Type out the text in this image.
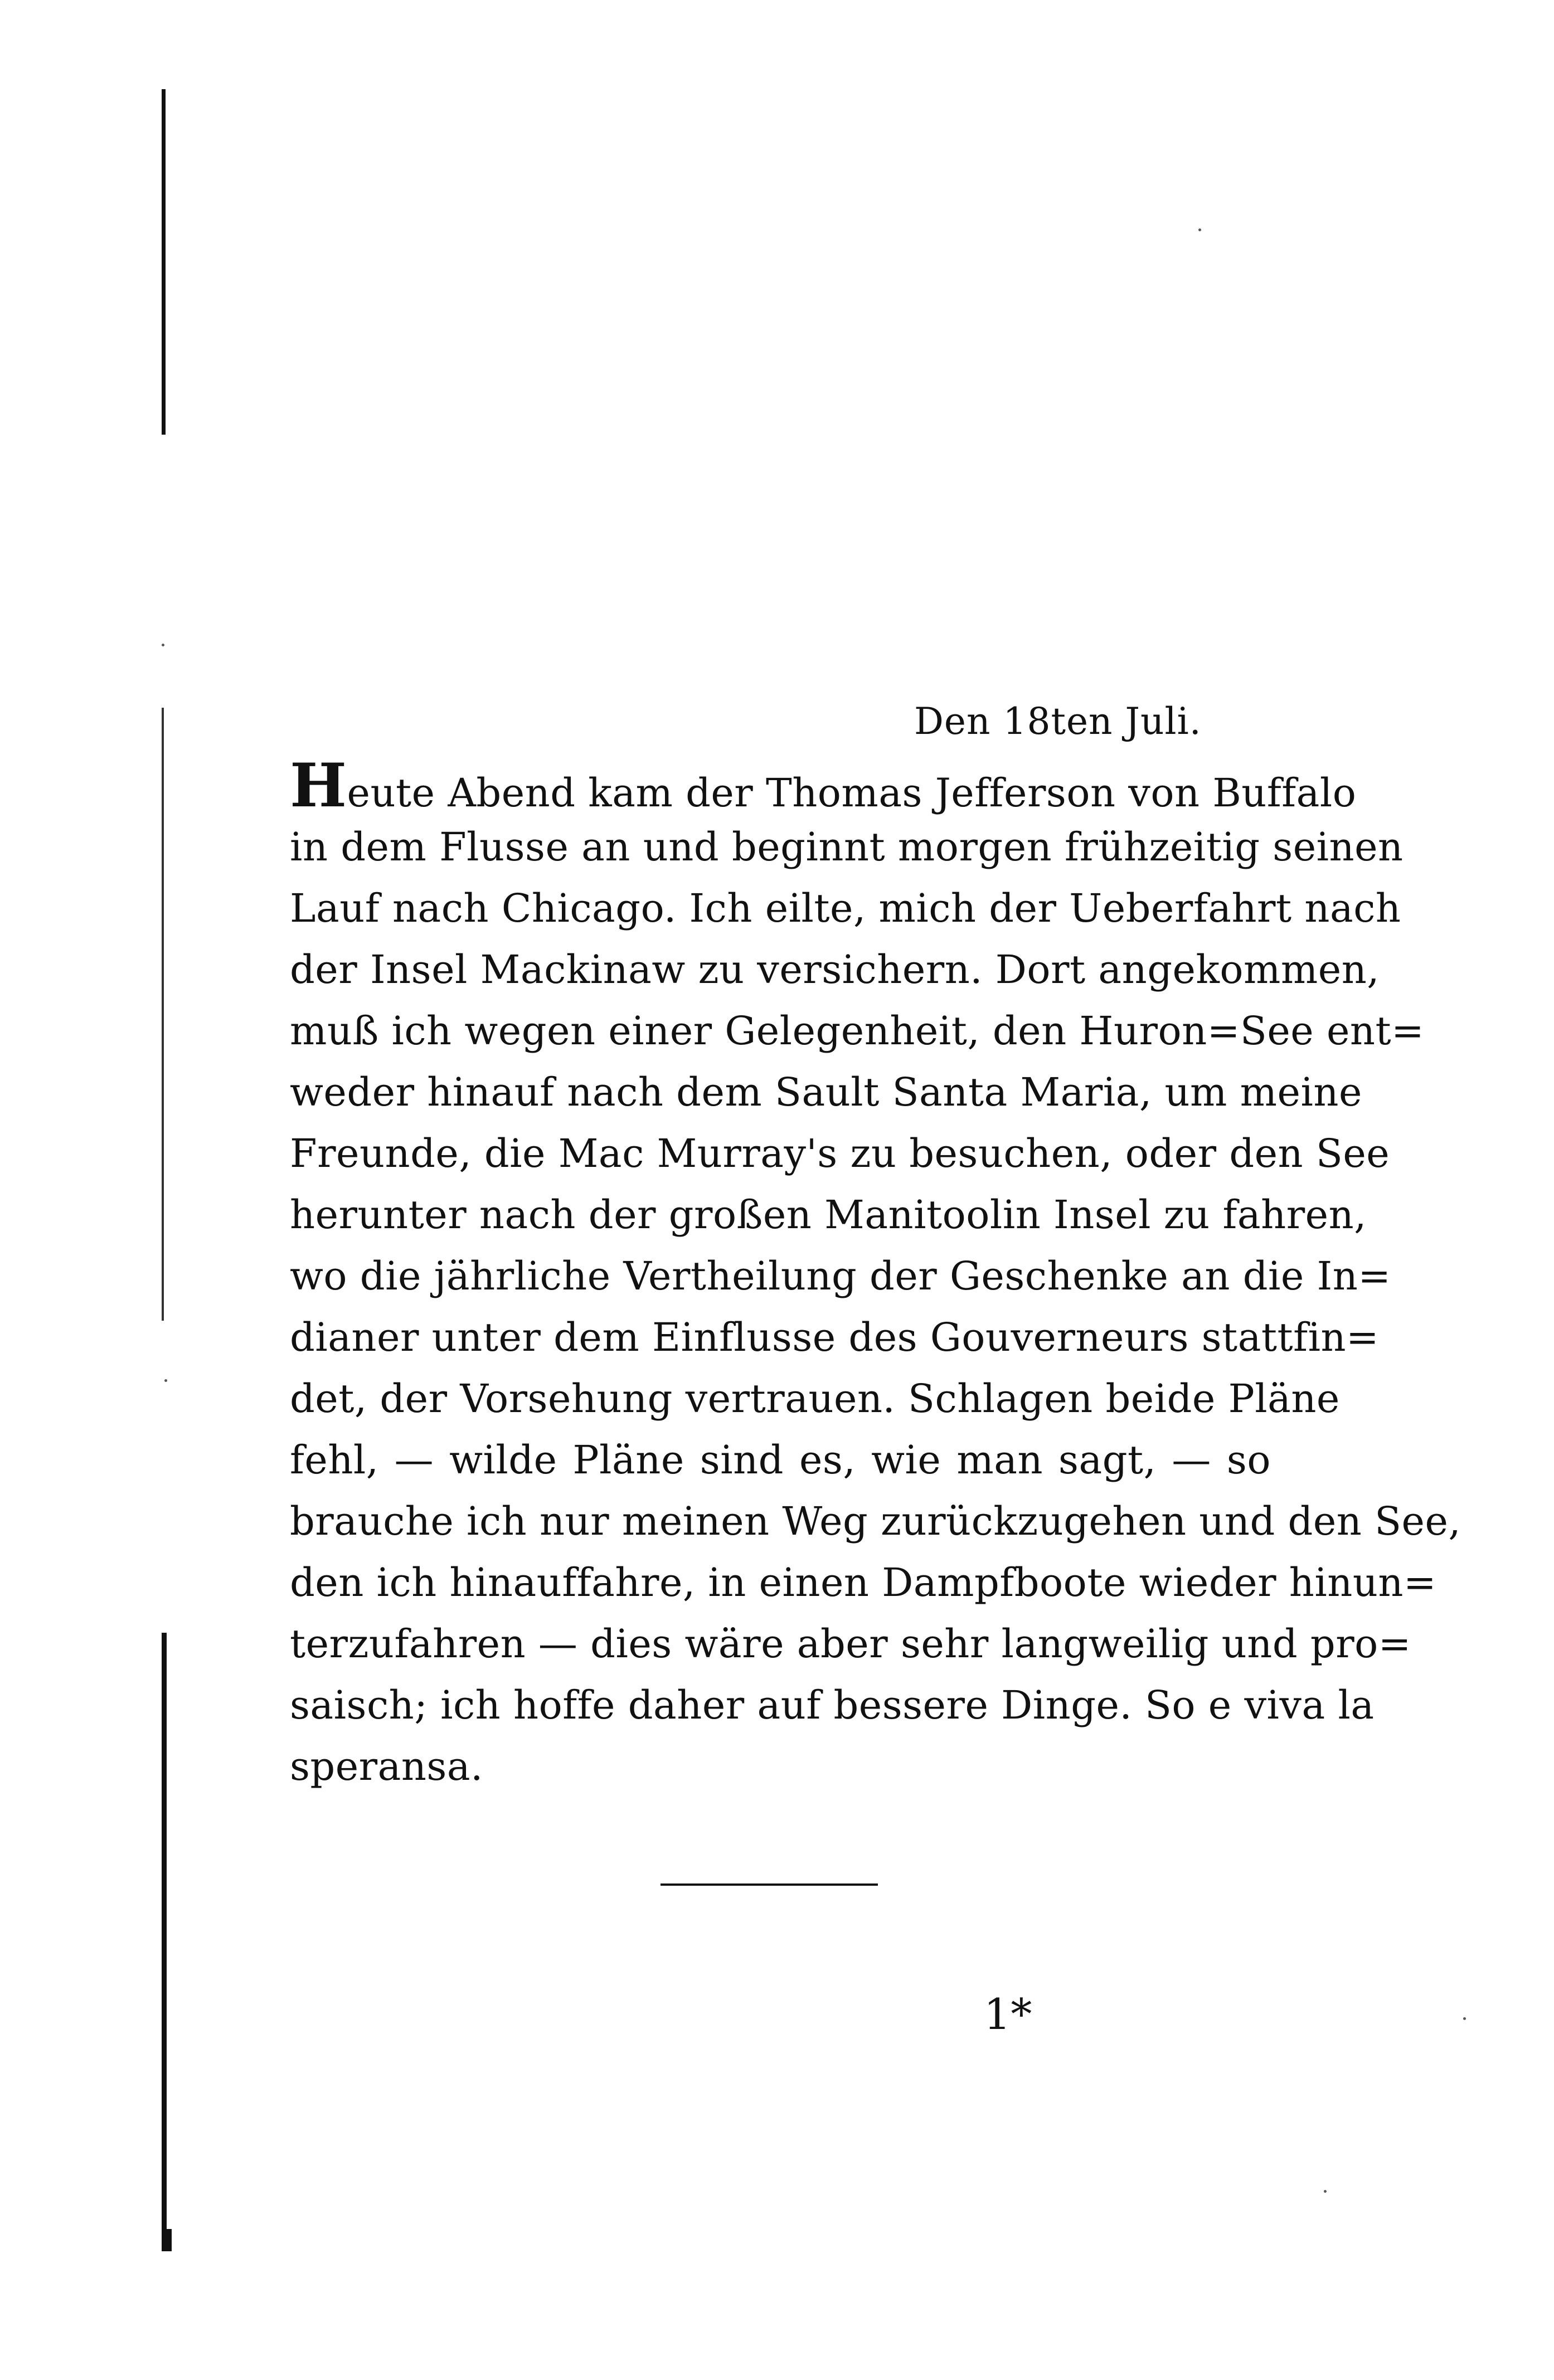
Den 18ten Juli.
Heute Abend kam der Thomas Jefferson von Buffalo
in dem Flusse an und beginnt morgen frühzeitig seinen
Lauf nach Chicago. Ich eilte, mich der Ueberfahrt nach
der Insel Mackinaw zu versichern. Dort angekommen,
muß ich wegen einer Gelegenheit, den Huron=See ent=
weder hinauf nach dem Sault Santa Maria, um meine
Freunde, die Mac Murray's zu besuchen, oder den See
herunter nach der großen Manitoolin Insel zu fahren,
wo die jährliche Vertheilung der Geschenke an die In=
dianer unter dem Einflusse des Gouverneurs stattfin=
det, der Vorsehung vertrauen. Schlagen beide Pläne
fehl, — wilde Pläne sind es, wie man sagt, — so
brauche ich nur meinen Weg zurückzugehen und den See,
den ich hinauffahre, in einen Dampfboote wieder hinun=
terzufahren — dies wäre aber sehr langweilig und pro=
saisch; ich hoffe daher auf bessere Dinge. So e viva la
speransa.
1*
